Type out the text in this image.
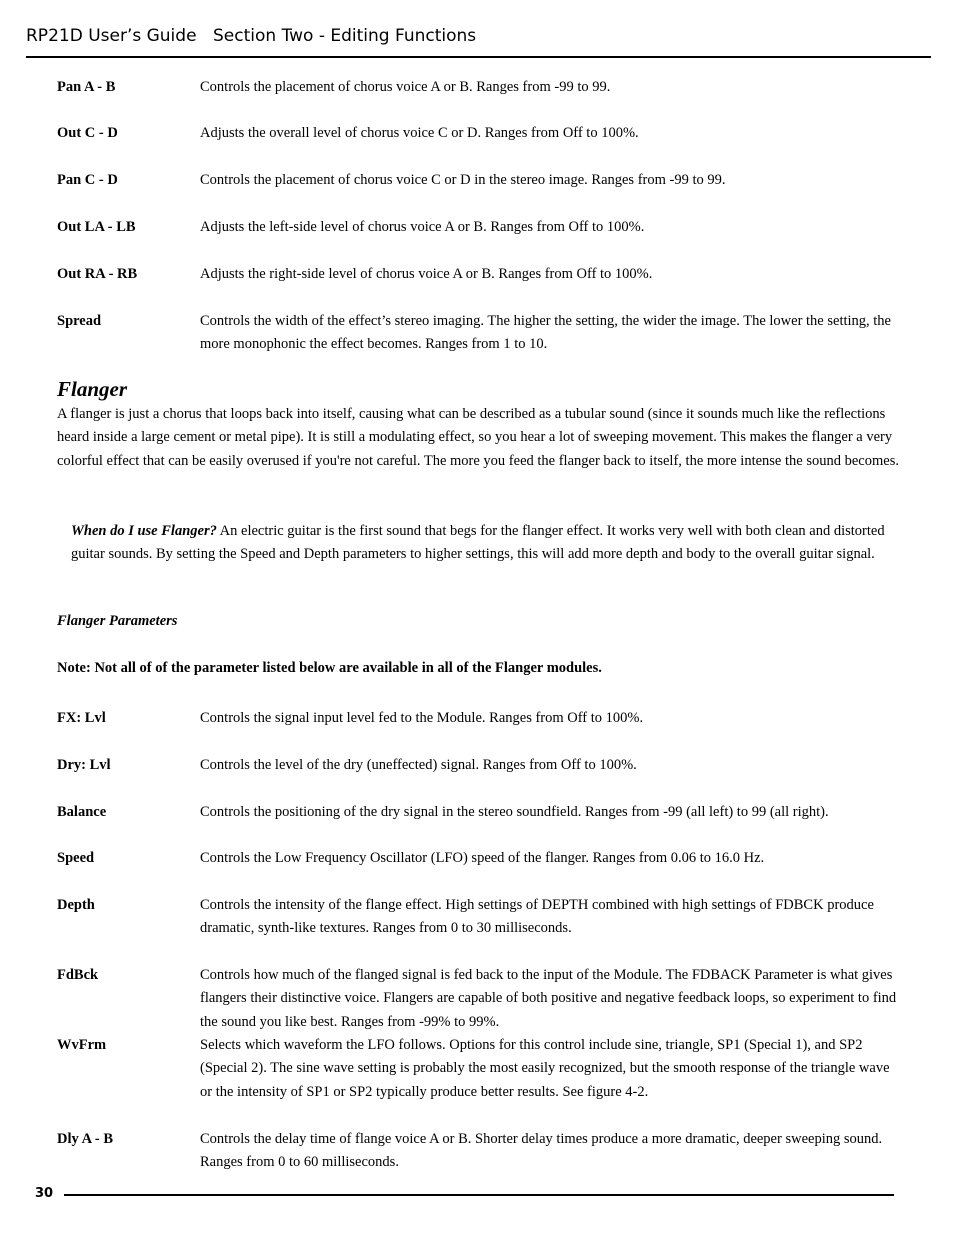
RP21D User’s Guide Section Two - Editing Functions
Pan A - B	Controls the placement of chorus voice A or B. Ranges from -99 to 99.
Out C - D	Adjusts the overall level of chorus voice C or D. Ranges from Off to 100%.
Pan C - D	Controls the placement of chorus voice C or D in the stereo image. Ranges from -99 to 99.
Out LA - LB	Adjusts the left-side level of chorus voice A or B. Ranges from Off to 100%.
Out RA - RB	Adjusts the right-side level of chorus voice A or B. Ranges from Off to 100%.
Spread	Controls the width of the effect’s stereo imaging. The higher the setting, the wider the image. The lower the setting, the more monophonic the effect becomes. Ranges from 1 to 10.
Flanger
A flanger is just a chorus that loops back into itself, causing what can be described as a tubular sound (since it sounds much like the reflections heard inside a large cement or metal pipe). It is still a modulating effect, so you hear a lot of sweeping movement. This makes the flanger a very colorful effect that can be easily overused if you're not careful. The more you feed the flanger back to itself, the more intense the sound becomes.
When do I use Flanger? An electric guitar is the first sound that begs for the flanger effect. It works very well with both clean and distorted guitar sounds. By setting the Speed and Depth parameters to higher settings, this will add more depth and body to the overall guitar signal.
Flanger Parameters
Note: Not all of of the parameter listed below are available in all of the Flanger modules.
FX: Lvl	Controls the signal input level fed to the Module. Ranges from Off to 100%.
Dry: Lvl	Controls the level of the dry (uneffected) signal. Ranges from Off to 100%.
Balance	Controls the positioning of the dry signal in the stereo soundfield. Ranges from -99 (all left) to 99 (all right).
Speed	Controls the Low Frequency Oscillator (LFO) speed of the flanger. Ranges from 0.06 to 16.0 Hz.
Depth	Controls the intensity of the flange effect. High settings of DEPTH combined with high settings of FDBCK produce dramatic, synth-like textures. Ranges from 0 to 30 milliseconds.
FdBck	Controls how much of the flanged signal is fed back to the input of the Module. The FDBACK Parameter is what gives flangers their distinctive voice. Flangers are capable of both positive and negative feedback loops, so experiment to find the sound you like best. Ranges from -99% to 99%.
WvFrm	Selects which waveform the LFO follows. Options for this control include sine, triangle, SP1 (Special 1), and SP2 (Special 2). The sine wave setting is probably the most easily recognized, but the smooth response of the triangle wave or the intensity of SP1 or SP2 typically produce better results. See figure 4-2.
Dly A - B	Controls the delay time of flange voice A or B. Shorter delay times produce a more dramatic, deeper sweeping sound. Ranges from 0 to 60 milliseconds.
30
